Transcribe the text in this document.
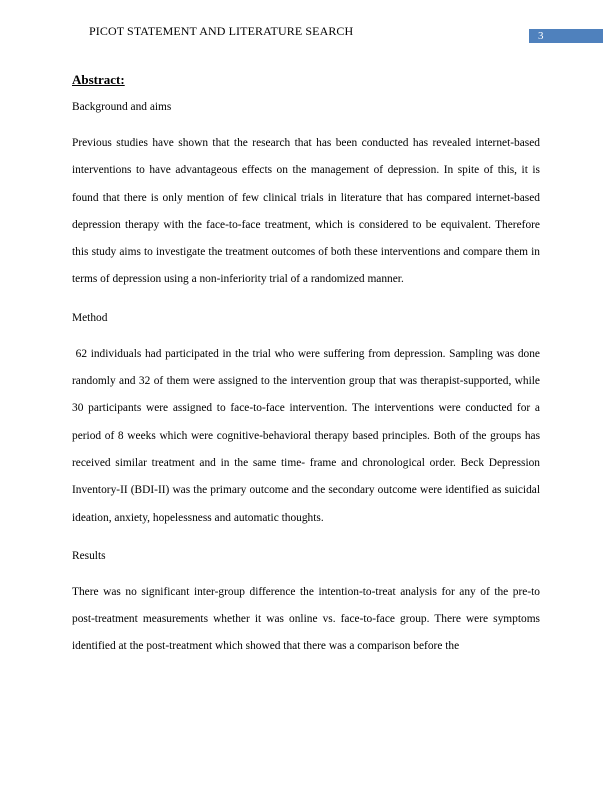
PICOT STATEMENT AND LITERATURE SEARCH	3
Abstract:
Background and aims

Previous studies have shown that the research that has been conducted has revealed internet-based interventions to have advantageous effects on the management of depression. In spite of this, it is found that there is only mention of few clinical trials in literature that has compared internet-based depression therapy with the face-to-face treatment, which is considered to be equivalent. Therefore this study aims to investigate the treatment outcomes of both these interventions and compare them in terms of depression using a non-inferiority trial of a randomized manner.

Method

62 individuals had participated in the trial who were suffering from depression. Sampling was done randomly and 32 of them were assigned to the intervention group that was therapist-supported, while 30 participants were assigned to face-to-face intervention. The interventions were conducted for a period of 8 weeks which were cognitive-behavioral therapy based principles. Both of the groups has received similar treatment and in the same time- frame and chronological order. Beck Depression Inventory-II (BDI-II) was the primary outcome and the secondary outcome were identified as suicidal ideation, anxiety, hopelessness and automatic thoughts.

Results

There was no significant inter-group difference the intention-to-treat analysis for any of the pre-to post-treatment measurements whether it was online vs. face-to-face group. There were symptoms identified at the post-treatment which showed that there was a comparison before the
